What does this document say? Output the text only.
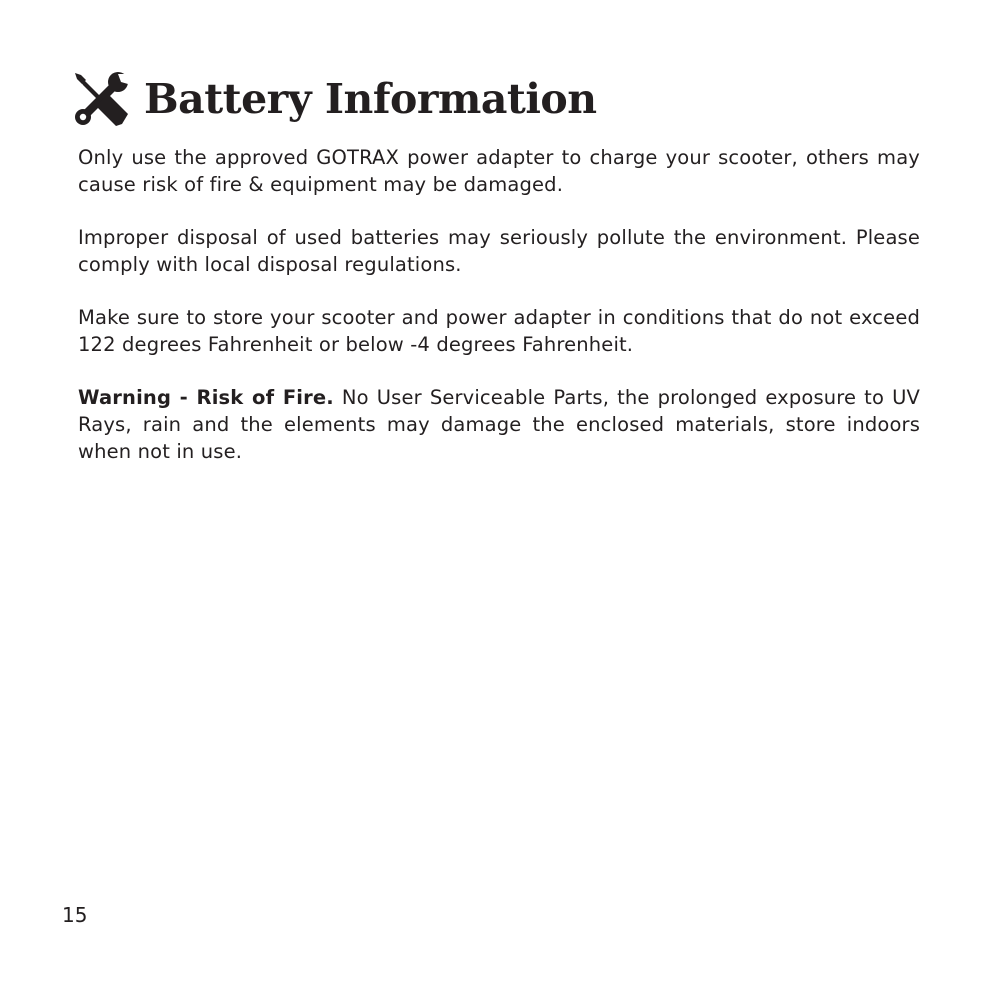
Battery Information

Only use the approved GOTRAX power adapter to charge your scooter, others may cause risk of fire & equipment may be damaged.

Improper disposal of used batteries may seriously pollute the environment. Please comply with local disposal regulations.

Make sure to store your scooter and power adapter in conditions that do not exceed 122 degrees Fahrenheit or below -4 degrees Fahrenheit.

Warning - Risk of Fire. No User Serviceable Parts, the prolonged exposure to UV Rays, rain and the elements may damage the enclosed materials, store indoors when not in use.

15
